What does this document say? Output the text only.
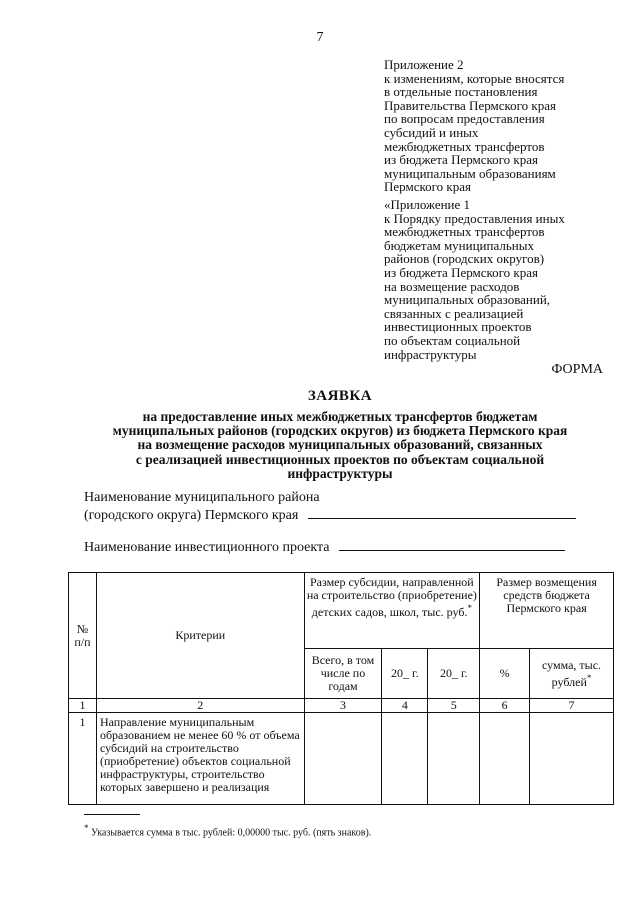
7
Приложение 2
к изменениям, которые вносятся
в отдельные постановления
Правительства Пермского края
по вопросам предоставления
субсидий и иных
межбюджетных трансфертов
из бюджета Пермского края
муниципальным образованиям
Пермского края
«Приложение 1
к Порядку предоставления иных
межбюджетных трансфертов
бюджетам муниципальных
районов (городских округов)
из бюджета Пермского края
на возмещение расходов
муниципальных образований,
связанных с реализацией
инвестиционных проектов
по объектам социальной
инфраструктуры
ФОРМА
ЗАЯВКА
на предоставление иных межбюджетных трансфертов бюджетам
муниципальных районов (городских округов) из бюджета Пермского края
на возмещение расходов муниципальных образований, связанных
с реализацией инвестиционных проектов по объектам социальной
инфраструктуры
Наименование муниципального района
(городского округа) Пермского края
Наименование инвестиционного проекта
№ п/п	Критерии	Размер субсидии, направленной на строительство (приобретение) детских садов, школ, тыс. руб.*			Размер возмещения средств бюджета Пермского края	
		Всего, в том числе по годам	20_ г.	20_ г.	%	сумма, тыс. рублей*
1	2	3	4	5	6	7
1	Направление муниципальным образованием не менее 60 % от объема субсидий на строительство (приобретение) объектов социальной инфраструктуры, строительство которых завершено и реализация					
* Указывается сумма в тыс. рублей: 0,00000 тыс. руб. (пять знаков).
